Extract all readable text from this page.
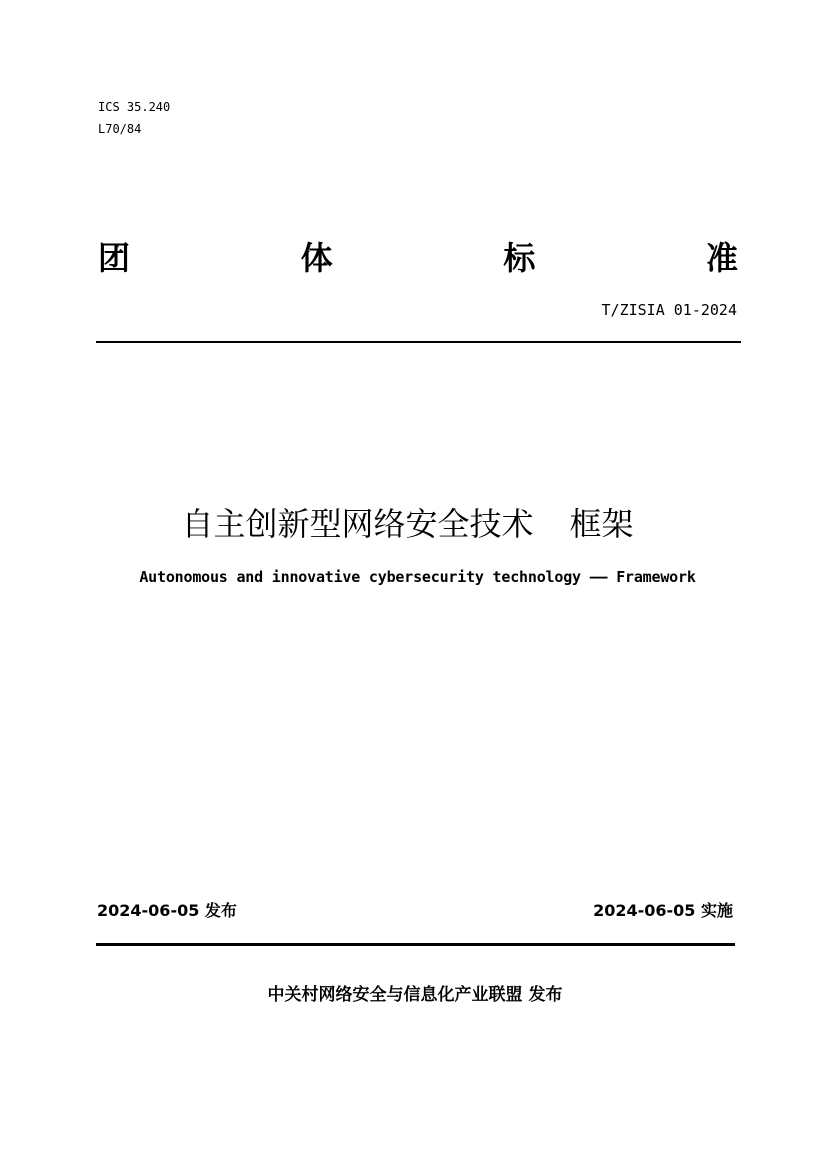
ICS 35.240
L70/84
团	体	标	准
T/ZISIA 01-2024
自主创新型网络安全技术 框架
Autonomous and innovative cybersecurity technology —— Framework
2024-06-05 发布	2024-06-05 实施
中关村网络安全与信息化产业联盟 发布
